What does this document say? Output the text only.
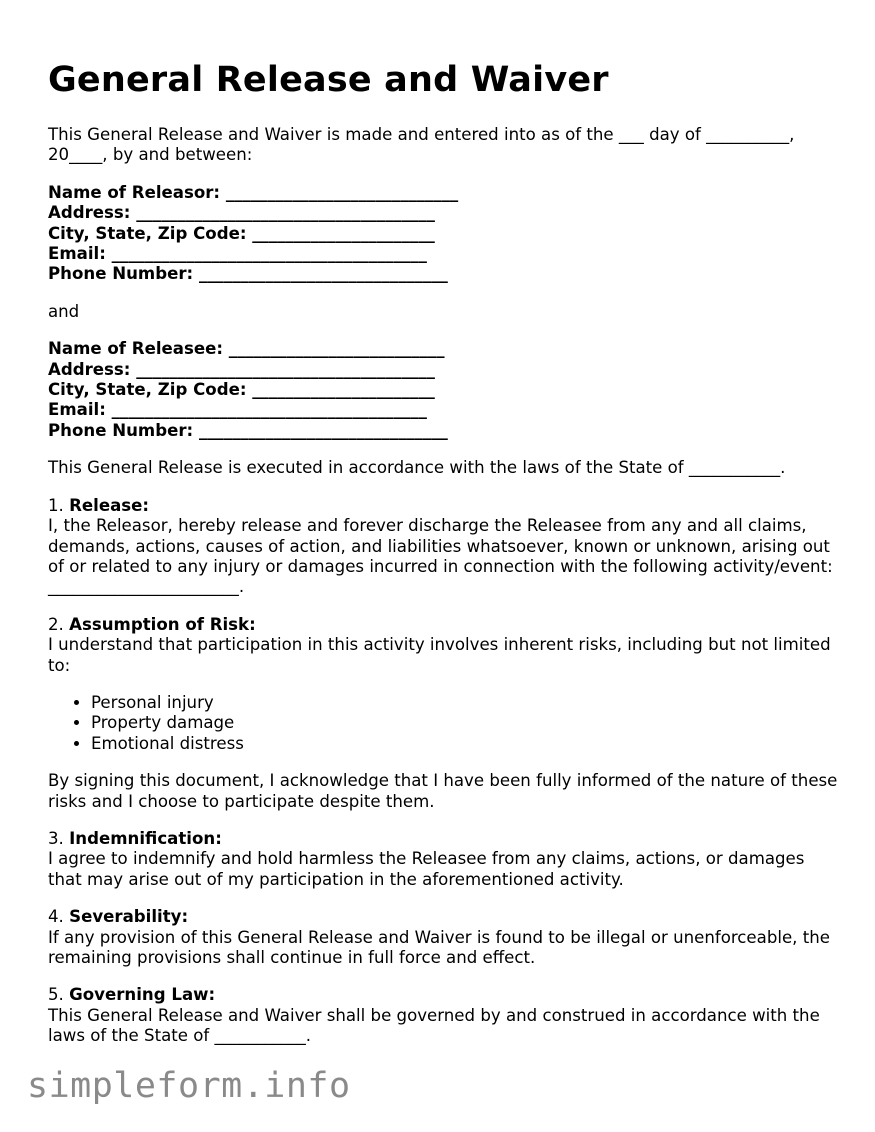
General Release and Waiver

This General Release and Waiver is made and entered into as of the ___ day of __________, 20____, by and between:

Name of Releasor: ____________________________
Address: ____________________________________
City, State, Zip Code: ______________________
Email: ______________________________________
Phone Number: ______________________________

and

Name of Releasee: __________________________
Address: ____________________________________
City, State, Zip Code: ______________________
Email: ______________________________________
Phone Number: ______________________________

This General Release is executed in accordance with the laws of the State of ___________.

1. Release:

I, the Releasor, hereby release and forever discharge the Releasee from any and all claims, demands, actions, causes of action, and liabilities whatsoever, known or unknown, arising out of or related to any injury or damages incurred in connection with the following activity/event: _______________________.

2. Assumption of Risk:

I understand that participation in this activity involves inherent risks, including but not limited to:

• Personal injury
• Property damage
• Emotional distress

By signing this document, I acknowledge that I have been fully informed of the nature of these risks and I choose to participate despite them.

3. Indemnification:

I agree to indemnify and hold harmless the Releasee from any claims, actions, or damages that may arise out of my participation in the aforementioned activity.

4. Severability:

If any provision of this General Release and Waiver is found to be illegal or unenforceable, the remaining provisions shall continue in full force and effect.

5. Governing Law:

This General Release and Waiver shall be governed by and construed in accordance with the laws of the State of ___________.

simpleform.info
